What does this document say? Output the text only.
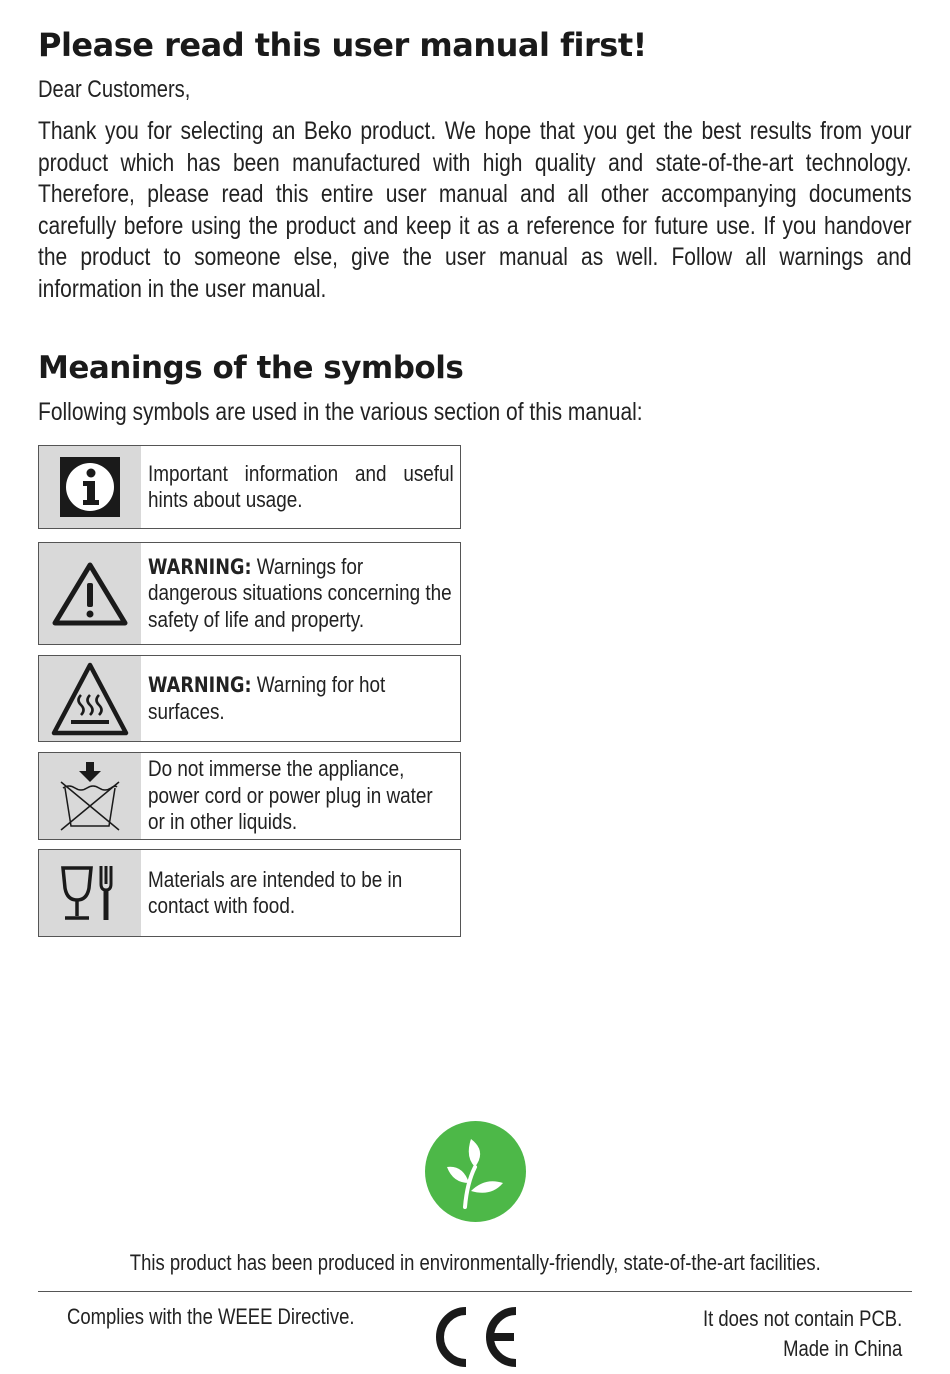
Please read this user manual first!

Dear Customers,

Thank you for selecting an Beko product. We hope that you get the best results from your product which has been manufactured with high quality and state-of-the-art technology. Therefore, please read this entire user manual and all other accompanying documents carefully before using the product and keep it as a reference for future use. If you handover the product to someone else, give the user manual as well. Follow all warnings and information in the user manual.

Meanings of the symbols

Following symbols are used in the various section of this manual:

Important information and useful hints about usage.

WARNING: Warnings for dangerous situations concerning the safety of life and property.

WARNING: Warning for hot surfaces.

Do not immerse the appliance, power cord or power plug in water or in other liquids.

Materials are intended to be in contact with food.

This product has been produced in environmentally-friendly, state-of-the-art facilities.

Complies with the WEEE Directive.	It does not contain PCB.
Made in China
